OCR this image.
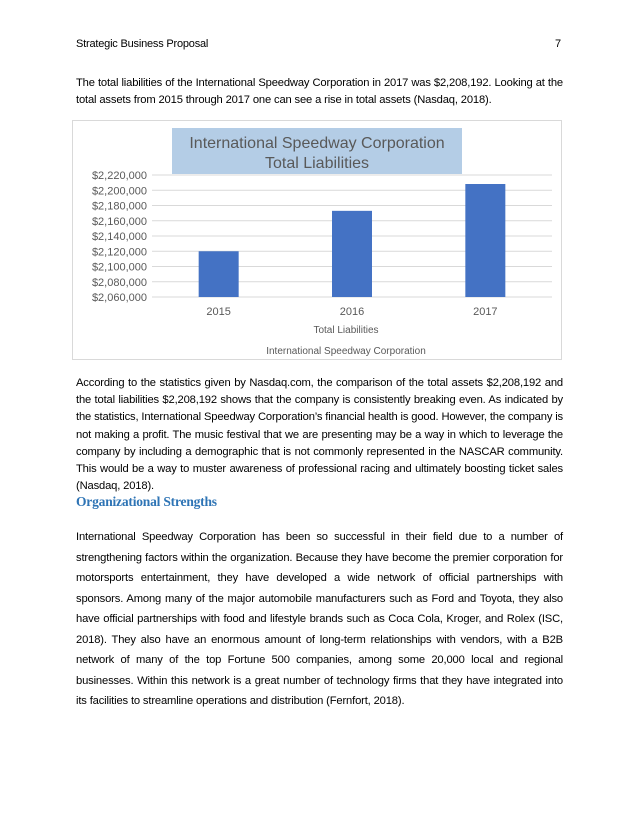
Strategic Business Proposal	7
The total liabilities of the International Speedway Corporation in 2017 was $2,208,192. Looking at the total assets from 2015 through 2017 one can see a rise in total assets (Nasdaq, 2018).
International Speedway Corporation
Total Liabilities
$2,220,000
$2,200,000
$2,180,000
$2,160,000
$2,140,000
$2,120,000
$2,100,000
$2,080,000
$2,060,000
2015	2016	2017
Total Liabilities
International Speedway Corporation
According to the statistics given by Nasdaq.com, the comparison of the total assets $2,208,192 and the total liabilities $2,208,192 shows that the company is consistently breaking even. As indicated by the statistics, International Speedway Corporation’s financial health is good. However, the company is not making a profit. The music festival that we are presenting may be a way in which to leverage the company by including a demographic that is not commonly represented in the NASCAR community. This would be a way to muster awareness of professional racing and ultimately boosting ticket sales (Nasdaq, 2018).
Organizational Strengths
International Speedway Corporation has been so successful in their field due to a number of strengthening factors within the organization. Because they have become the premier corporation for motorsports entertainment, they have developed a wide network of official partnerships with sponsors. Among many of the major automobile manufacturers such as Ford and Toyota, they also have official partnerships with food and lifestyle brands such as Coca Cola, Kroger, and Rolex (ISC, 2018). They also have an enormous amount of long-term relationships with vendors, with a B2B network of many of the top Fortune 500 companies, among some 20,000 local and regional businesses. Within this network is a great number of technology firms that they have integrated into its facilities to streamline operations and distribution (Fernfort, 2018).
